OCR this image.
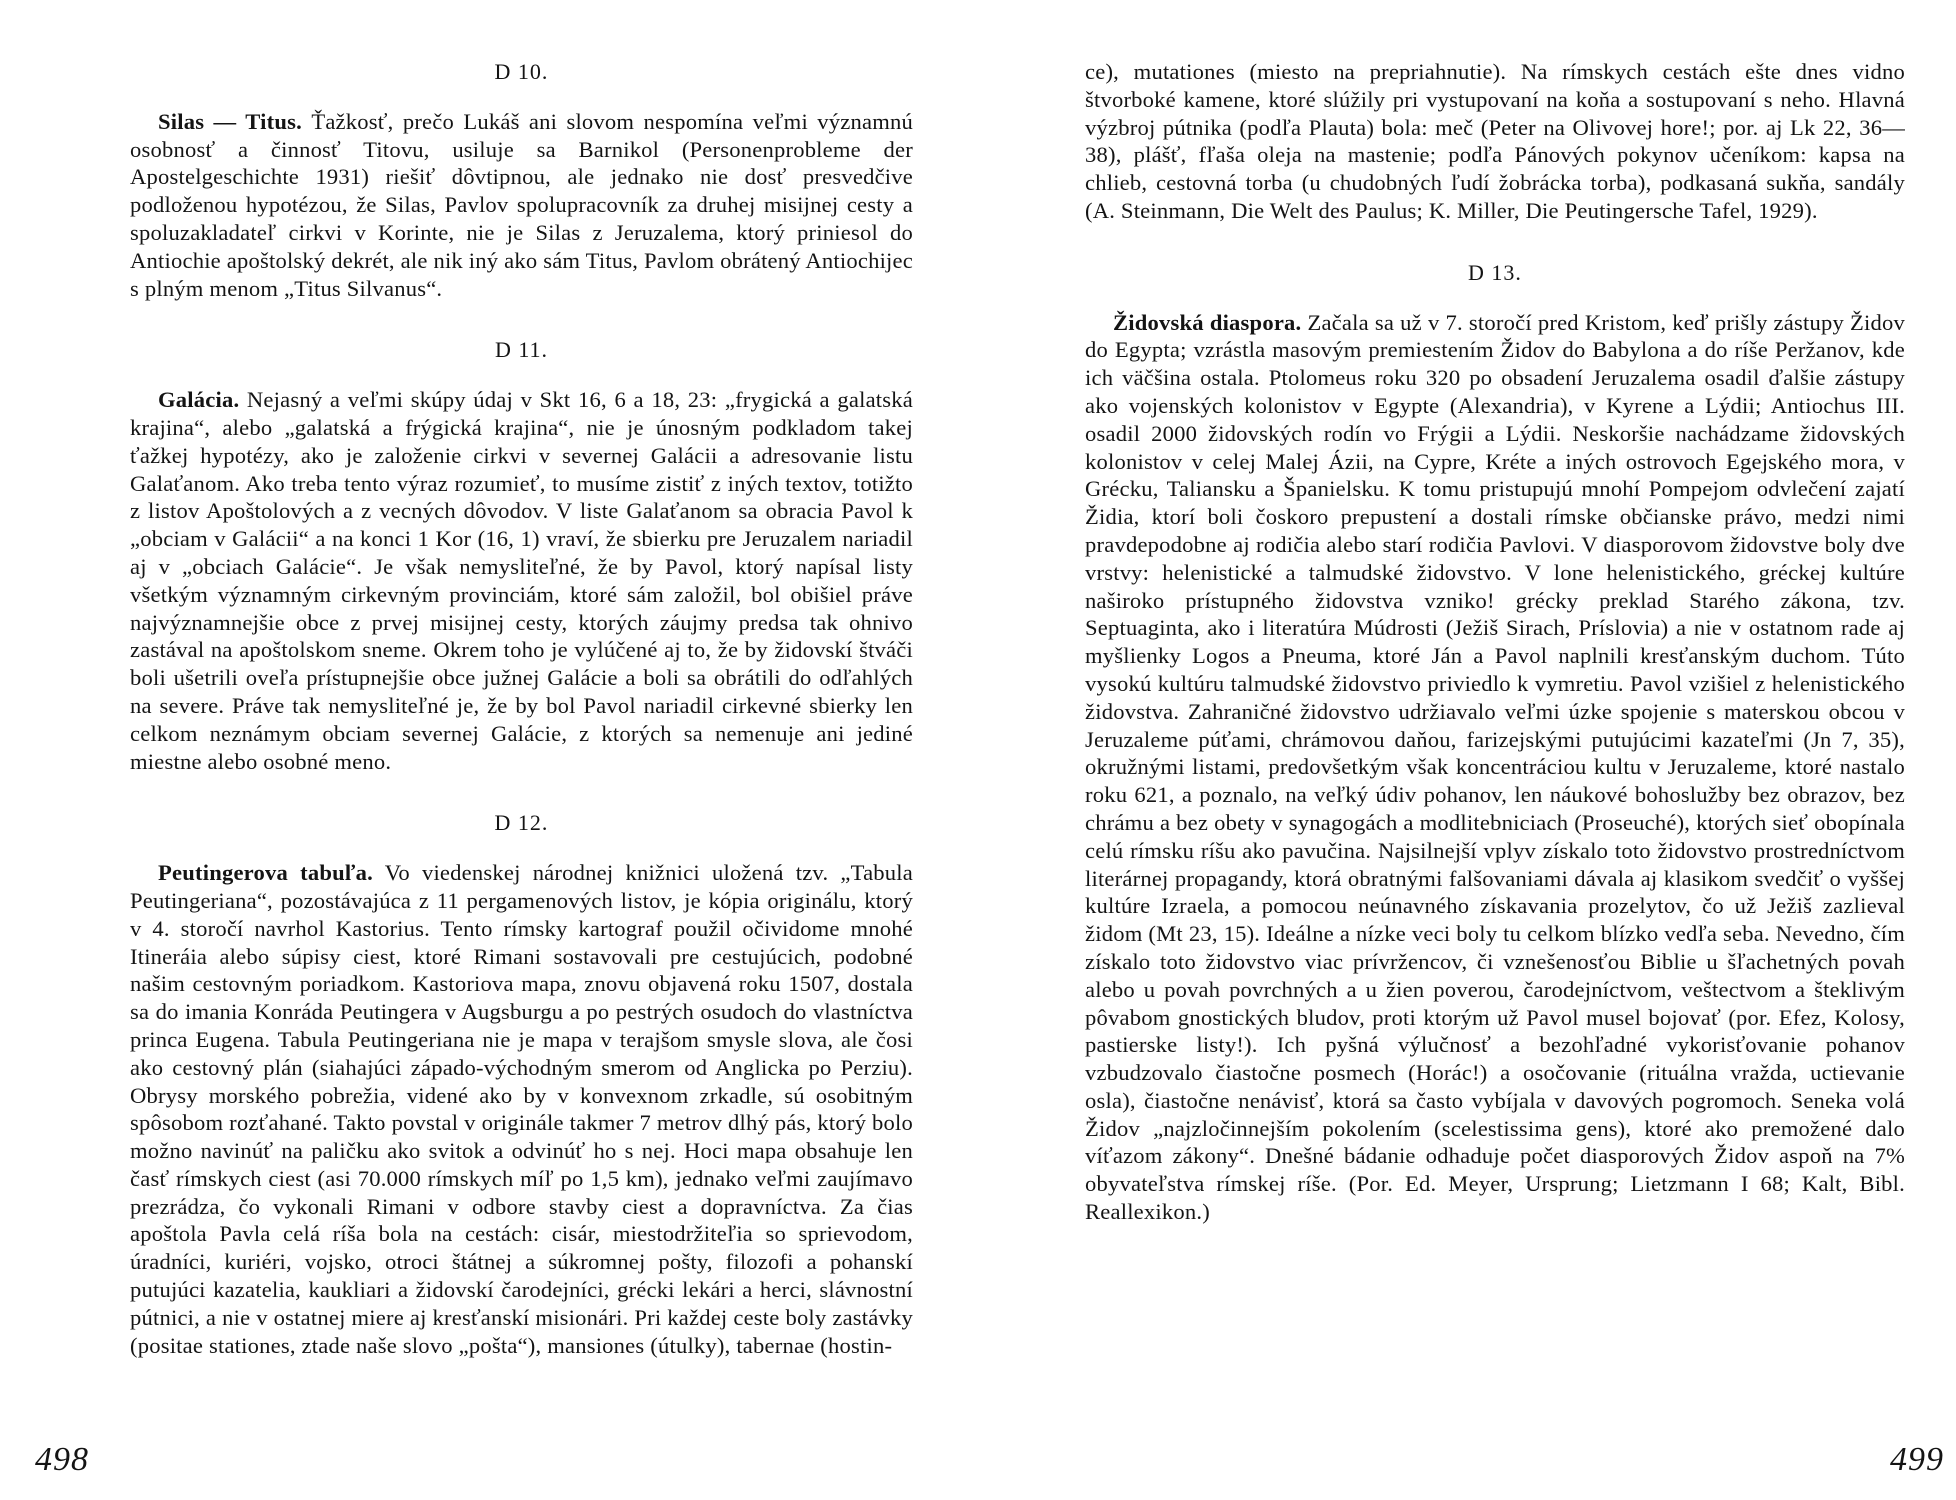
D 10.

Silas — Titus. Ťažkosť, prečo Lukáš ani slovom nespomína veľmi významnú osobnosť a činnosť Titovu, usiluje sa Barnikol (Personenprobleme der Apostelgeschichte 1931) riešiť dôvtipnou, ale jednako nie dosť presvedčive podloženou hypotézou, že Silas, Pavlov spolupracovník za druhej misijnej cesty a spoluzakladateľ cirkvi v Korinte, nie je Silas z Jeruzalema, ktorý priniesol do Antiochie apoštolský dekrét, ale nik iný ako sám Titus, Pavlom obrátený Antiochijec s plným menom „Titus Silvanus“.

D 11.

Galácia. Nejasný a veľmi skúpy údaj v Skt 16, 6 a 18, 23: „frygická a galatská krajina“, alebo „galatská a frýgická krajina“, nie je únosným podkladom takej ťažkej hypotézy, ako je založenie cirkvi v severnej Galácii a adresovanie listu Galaťanom. Ako treba tento výraz rozumieť, to musíme zistiť z iných textov, totižto z listov Apoštolových a z vecných dôvodov. V liste Galaťanom sa obracia Pavol k „obciam v Galácii“ a na konci 1 Kor (16, 1) vraví, že sbierku pre Jeruzalem nariadil aj v „obciach Galácie“. Je však nemysliteľné, že by Pavol, ktorý napísal listy všetkým významným cirkevným provinciám, ktoré sám založil, bol obišiel práve najvýznamnejšie obce z prvej misijnej cesty, ktorých záujmy predsa tak ohnivo zastával na apoštolskom sneme. Okrem toho je vylúčené aj to, že by židovskí štváči boli ušetrili oveľa prístupnejšie obce južnej Galácie a boli sa obrátili do odľahlých na severe. Práve tak nemysliteľné je, že by bol Pavol nariadil cirkevné sbierky len celkom neznámym obciam severnej Galácie, z ktorých sa nemenuje ani jediné miestne alebo osobné meno.

D 12.

Peutingerova tabuľa. Vo viedenskej národnej knižnici uložená tzv. „Tabula Peutingeriana“, pozostávajúca z 11 pergamenových listov, je kópia originálu, ktorý v 4. storočí navrhol Kastorius. Tento rímsky kartograf použil očividomе mnohé Itineráia alebo súpisy ciest, ktoré Rimani sostavovali pre cestujúcich, podobné našim cestovným poriadkom. Kastoriova mapa, znovu objavená roku 1507, dostala sa do imania Konráda Peutingera v Augsburgu a po pestrých osudoch do vlastníctva princa Eugena. Tabula Peutingeriana nie je mapa v terajšom smysle slova, ale čosi ako cestovný plán (siahajúci západo-východným smerom od Anglicka po Perziu). Obrysy morského pobrežia, videné ako by v konvexnom zrkadle, sú osobitným spôsobom rozťahané. Takto povstal v originále takmer 7 metrov dlhý pás, ktorý bolo možno navinúť na paličku ako svitok a odvinúť ho s nej. Hoci mapa obsahuje len časť rímskych ciest (asi 70.000 rímskych míľ po 1,5 km), jednako veľmi zaujímavo prezrádza, čo vykonali Rimani v odbore stavby ciest a dopravníctva. Za čias apoštola Pavla celá ríša bola na cestách: cisár, miestodržiteľia so sprievodom, úradníci, kuriéri, vojsko, otroci štátnej a súkromnej pošty, filozofi a pohanskí putujúci kazatelia, kaukliari a židovskí čarodejníci, grécki lekári a herci, slávnostní pútnici, a nie v ostatnej miere aj kresťanskí misionári. Pri každej ceste boly zastávky (positae stationes, ztade naše slovo „pošta“), mansiones (útulky), tabernae (hostin-

498

ce), mutationes (miesto na prepriahnutie). Na rímskych cestách ešte dnes vidno štvorboké kamene, ktoré slúžily pri vystupovaní na koňa a sostupovaní s neho. Hlavná výzbroj pútnika (podľa Plauta) bola: meč (Peter na Olivovej hore!; por. aj Lk 22, 36—38), plášť, fľaša oleja na mastenie; podľa Pánových pokynov učeníkom: kapsa na chlieb, cestovná torba (u chudobných ľudí žobrácka torba), podkasaná sukňa, sandály (A. Steinmann, Die Welt des Paulus; K. Miller, Die Peutingersche Tafel, 1929).

D 13.

Židovská diaspora. Začala sa už v 7. storočí pred Kristom, keď prišly zástupy Židov do Egypta; vzrástla masovým premiestením Židov do Babylona a do ríše Peržanov, kde ich väčšina ostala. Ptolomeus roku 320 po obsadení Jeruzalema osadil ďalšie zástupy ako vojenských kolonistov v Egypte (Alexandria), v Kyrene a Lýdii; Antiochus III. osadil 2000 židovských rodín vo Frýgii a Lýdii. Neskoršie nachádzame židovských kolonistov v celej Malej Ázii, na Cypre, Kréte a iných ostrovoch Egejského mora, v Grécku, Taliansku a Španielsku. K tomu pristupujú mnohí Pompejom odvlečení zajatí Židia, ktorí boli čoskoro prepustení a dostali rímske občianske právo, medzi nimi pravdepodobne aj rodičia alebo starí rodičia Pavlovi. V diasporovom židovstve boly dve vrstvy: helenistické a talmudské židovstvo. V lone helenistického, gréckej kultúre naširoko prístupného židovstva vzniko! grécky preklad Starého zákona, tzv. Septuaginta, ako i literatúra Múdrosti (Ježiš Sirach, Príslovia) a nie v ostatnom rade aj myšlienky Logos a Pneuma, ktoré Ján a Pavol naplnili kresťanským duchom. Túto vysokú kultúru talmudské židovstvo priviedlo k vymretiu. Pavol vzišiel z helenistického židovstva. Zahraničné židovstvo udržiavalo veľmi úzke spojenie s materskou obcou v Jeruzaleme púťami, chrámovou daňou, farizejskými putujúcimi kazateľmi (Jn 7, 35), okružnými listami, predovšetkým však koncentráciou kultu v Jeruzaleme, ktoré nastalo roku 621, a poznalo, na veľký údiv pohanov, len náukové bohoslužby bez obrazov, bez chrámu a bez obety v synagogách a modlitebniciach (Proseuché), ktorých sieť obopínala celú rímsku ríšu ako pavučina. Najsilnejší vplyv získalo toto židovstvo prostredníctvom literárnej propagandy, ktorá obratnými falšovaniami dávala aj klasikom svedčiť o vyššej kultúre Izraela, a pomocou neúnavného získavania prozelytov, čo už Ježiš zazlieval židom (Mt 23, 15). Ideálne a nízke veci boly tu celkom blízko vedľa seba. Nevedno, čím získalo toto židovstvo viac prívržencov, či vznešenosťou Biblie u šľachetných povah alebo u povah povrchných a u žien poverou, čarodejníctvom, veštectvom a šteklivým pôvabom gnostických bludov, proti ktorým už Pavol musel bojovať (por. Efez, Kolosy, pastierske listy!). Ich pyšná výlučnosť a bezohľadné vykorisťovanie pohanov vzbudzovalo čiastočne posmech (Horác!) a osočovanie (rituálna vražda, uctievanie osla), čiastočne nenávisť, ktorá sa často vybíjala v davových pogromoch. Seneka volá Židov „najzločinnejším pokolením (scelestissima gens), ktoré ako premožené dalo víťazom zákony“. Dnešné bádanie odhaduje počet diasporových Židov aspoň na 7% obyvateľstva rímskej ríše. (Por. Ed. Meyer, Ursprung; Lietzmann I 68; Kalt, Bibl. Reallexikon.)

499
